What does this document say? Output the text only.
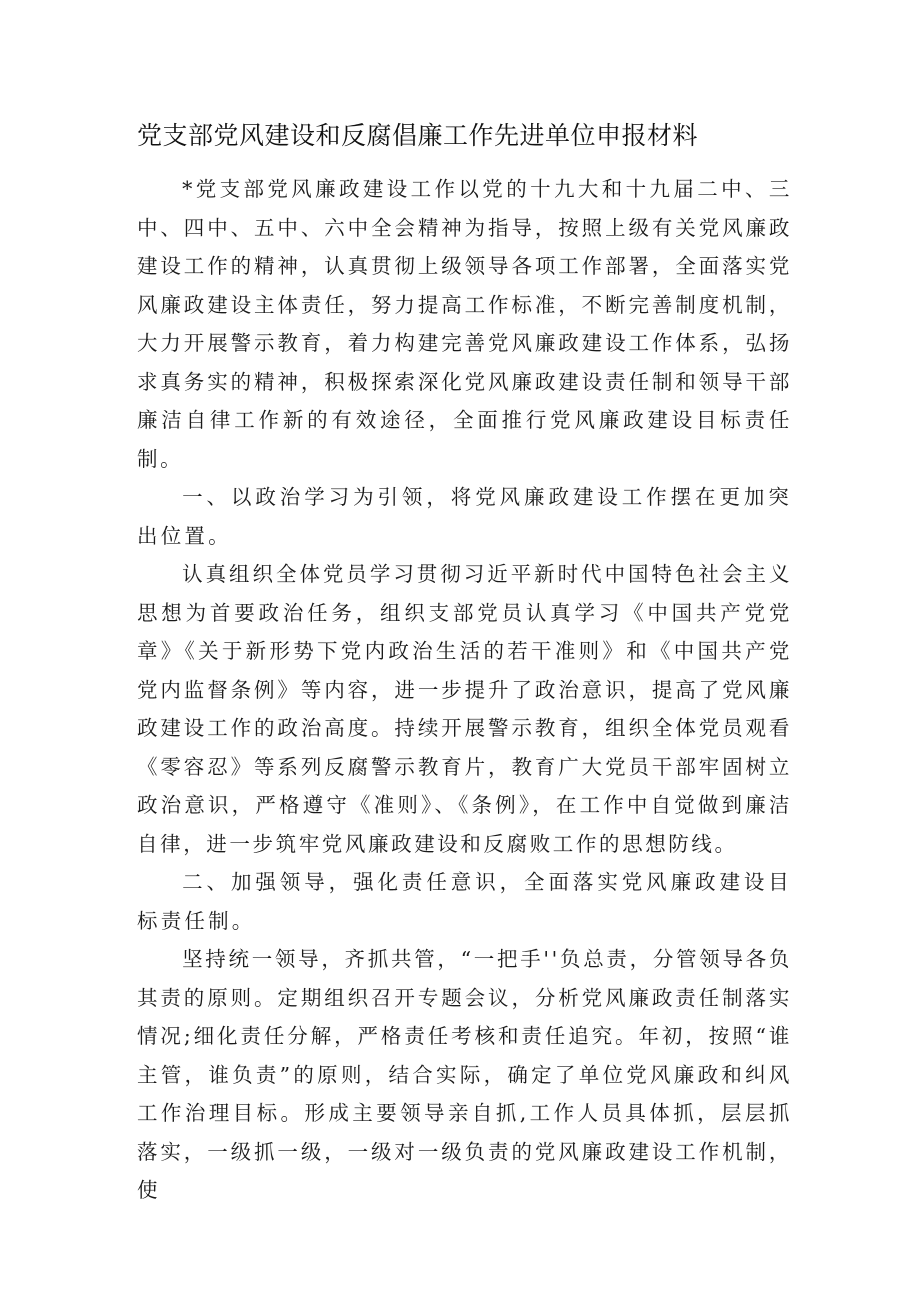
党支部党风建设和反腐倡廉工作先进单位申报材料

*党支部党风廉政建设工作以党的十九大和十九届二中、三中、四中、五中、六中全会精神为指导，按照上级有关党风廉政建设工作的精神，认真贯彻上级领导各项工作部署，全面落实党风廉政建设主体责任，努力提高工作标准，不断完善制度机制，大力开展警示教育，着力构建完善党风廉政建设工作体系，弘扬求真务实的精神，积极探索深化党风廉政建设责任制和领导干部廉洁自律工作新的有效途径，全面推行党风廉政建设目标责任制。

一、以政治学习为引领，将党风廉政建设工作摆在更加突出位置。

认真组织全体党员学习贯彻习近平新时代中国特色社会主义思想为首要政治任务，组织支部党员认真学习《中国共产党党章》《关于新形势下党内政治生活的若干准则》和《中国共产党党内监督条例》等内容，进一步提升了政治意识，提高了党风廉政建设工作的政治高度。持续开展警示教育，组织全体党员观看《零容忍》等系列反腐警示教育片，教育广大党员干部牢固树立政治意识，严格遵守《准则》、《条例》，在工作中自觉做到廉洁自律，进一步筑牢党风廉政建设和反腐败工作的思想防线。

二、加强领导，强化责任意识，全面落实党风廉政建设目标责任制。

坚持统一领导，齐抓共管，“一把手''负总责，分管领导各负其责的原则。定期组织召开专题会议，分析党风廉政责任制落实情况;细化责任分解，严格责任考核和责任追究。年初，按照“谁主管，谁负责”的原则，结合实际，确定了单位党风廉政和纠风工作治理目标。形成主要领导亲自抓,工作人员具体抓，层层抓落实，一级抓一级，一级对一级负责的党风廉政建设工作机制，使
